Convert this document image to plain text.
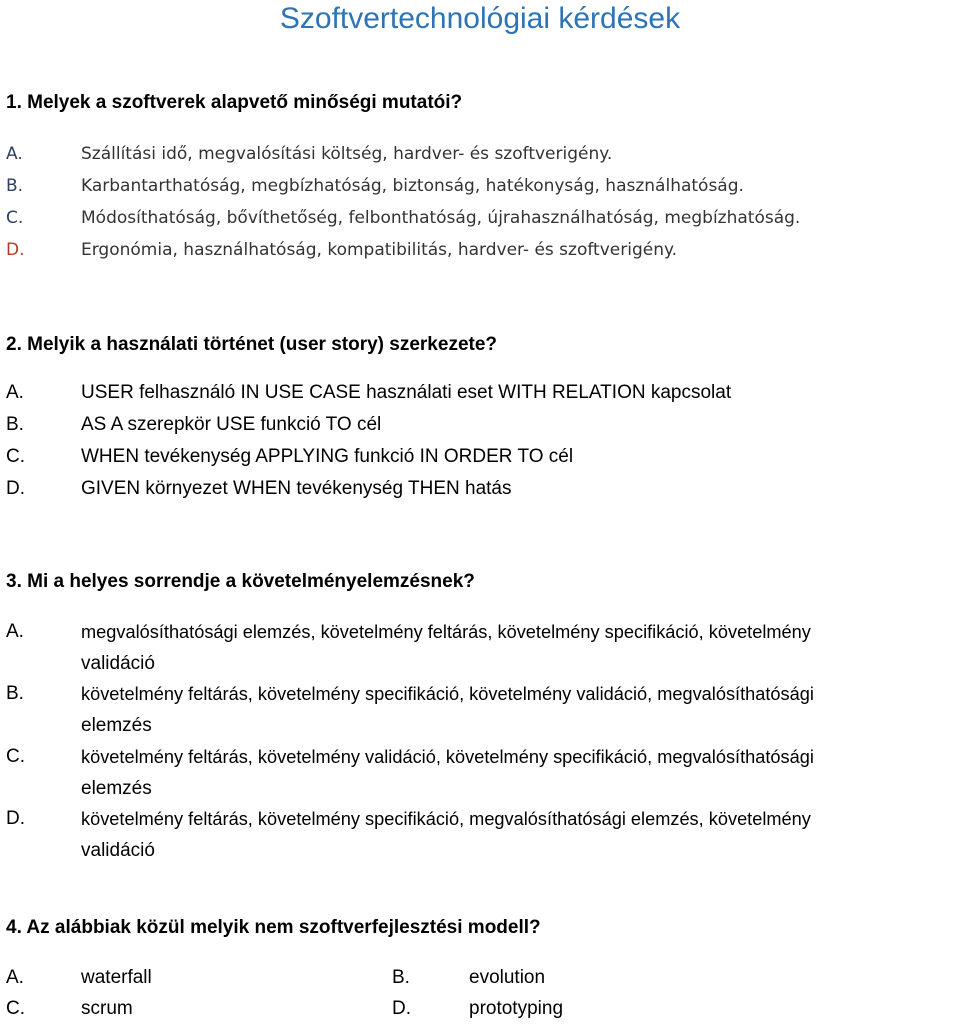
Szoftvertechnológiai kérdések

1. Melyek a szoftverek alapvető minőségi mutatói?

A.	Szállítási idő, megvalósítási költség, hardver- és szoftverigény.
B.	Karbantarthatóság, megbízhatóság, biztonság, hatékonyság, használhatóság.
C.	Módosíthatóság, bővíthetőség, felbonthatóság, újrahasználhatóság, megbízhatóság.
D.	Ergonómia, használhatóság, kompatibilitás, hardver- és szoftverigény.

2. Melyik a használati történet (user story) szerkezete?

A.	USER felhasználó IN USE CASE használati eset WITH RELATION kapcsolat
B.	AS A szerepkör USE funkció TO cél
C.	WHEN tevékenység APPLYING funkció IN ORDER TO cél
D.	GIVEN környezet WHEN tevékenység THEN hatás

3. Mi a helyes sorrendje a követelményelemzésnek?

A.	megvalósíthatósági elemzés, követelmény feltárás, követelmény specifikáció, követelmény
validáció
B.	követelmény feltárás, követelmény specifikáció, követelmény validáció, megvalósíthatósági
elemzés
C.	követelmény feltárás, követelmény validáció, követelmény specifikáció, megvalósíthatósági
elemzés
D.	követelmény feltárás, követelmény specifikáció, megvalósíthatósági elemzés, követelmény
validáció

4. Az alábbiak közül melyik nem szoftverfejlesztési modell?

A.	waterfall	B.	evolution
C.	scrum	D.	prototyping
